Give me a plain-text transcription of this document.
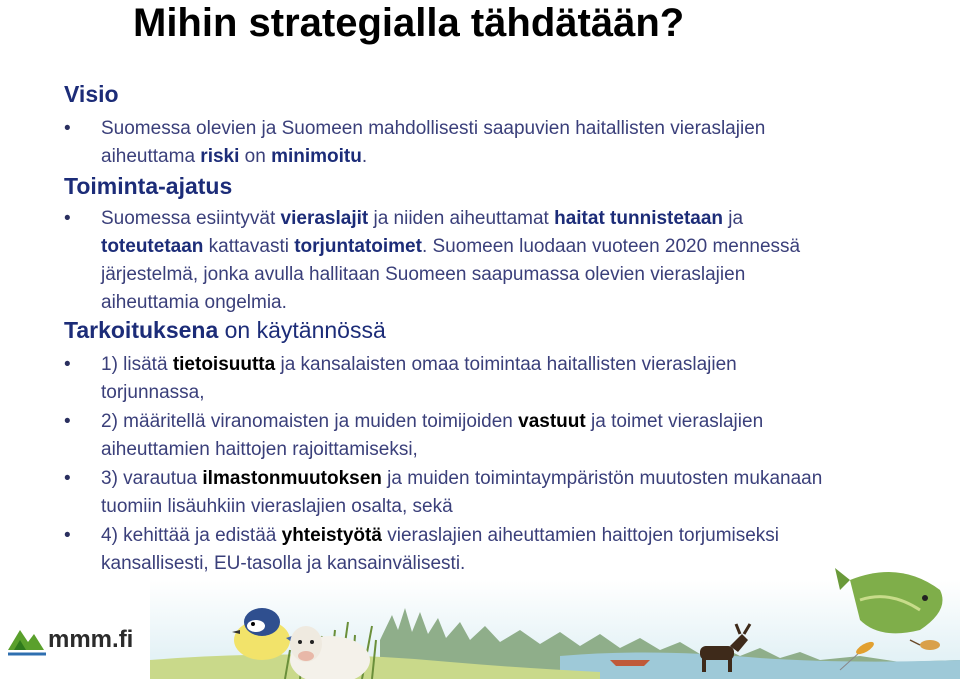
Mihin strategialla tähdätään?
Visio
• Suomessa olevien ja Suomeen mahdollisesti saapuvien haitallisten vieraslajien aiheuttama riski on minimoitu.
Toiminta-ajatus
• Suomessa esiintyvät vieraslajit ja niiden aiheuttamat haitat tunnistetaan ja toteutetaan kattavasti torjuntatoimet. Suomeen luodaan vuoteen 2020 mennessä järjestelmä, jonka avulla hallitaan Suomeen saapumassa olevien vieraslajien aiheuttamia ongelmia.
Tarkoituksena on käytännössä
• 1) lisätä tietoisuutta ja kansalaisten omaa toimintaa haitallisten vieraslajien torjunnassa,
• 2) määritellä viranomaisten ja muiden toimijoiden vastuut ja toimet vieraslajien aiheuttamien haittojen rajoittamiseksi,
• 3) varautua ilmastonmuutoksen ja muiden toimintaympäristön muutosten mukanaan tuomiin lisäuhkiin vieraslajien osalta, sekä
• 4) kehittää ja edistää yhteistyötä vieraslajien aiheuttamien haittojen torjumiseksi kansallisesti, EU-tasolla ja kansainvälisesti.
mmm.fi
